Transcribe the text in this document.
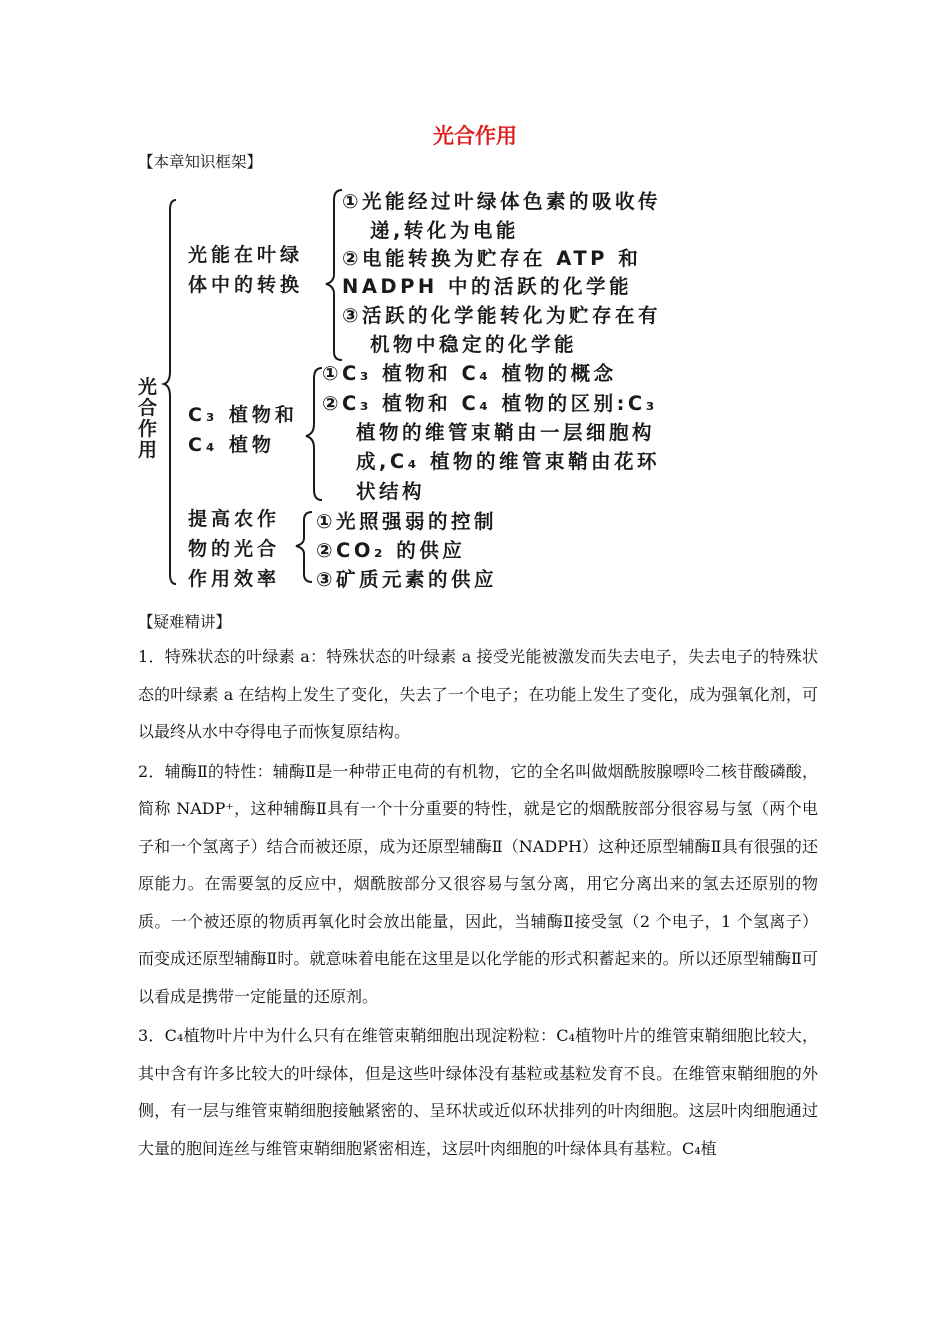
光合作用
【本章知识框架】
光合作用
光能在叶绿
体中的转换
①光能经过叶绿体色素的吸收传
递,转化为电能
②电能转换为贮存在 ATP 和
NADPH 中的活跃的化学能
③活跃的化学能转化为贮存在有
机物中稳定的化学能
C₃ 植物和
C₄ 植物
①C₃ 植物和 C₄ 植物的概念
②C₃ 植物和 C₄ 植物的区别:C₃
植物的维管束鞘由一层细胞构
成,C₄ 植物的维管束鞘由花环
状结构
提高农作
物的光合
作用效率
①光照强弱的控制
②CO₂ 的供应
③矿质元素的供应
【疑难精讲】

1．特殊状态的叶绿素 a：特殊状态的叶绿素 a 接受光能被激发而失去电子，失去电子的特殊状态的叶绿素 a 在结构上发生了变化，失去了一个电子；在功能上发生了变化，成为强氧化剂，可以最终从水中夺得电子而恢复原结构。

2．辅酶Ⅱ的特性：辅酶Ⅱ是一种带正电荷的有机物，它的全名叫做烟酰胺腺嘌呤二核苷酸磷酸，简称 NADP⁺，这种辅酶Ⅱ具有一个十分重要的特性，就是它的烟酰胺部分很容易与氢（两个电子和一个氢离子）结合而被还原，成为还原型辅酶Ⅱ（NADPH）这种还原型辅酶Ⅱ具有很强的还原能力。在需要氢的反应中，烟酰胺部分又很容易与氢分离，用它分离出来的氢去还原别的物质。一个被还原的物质再氧化时会放出能量，因此，当辅酶Ⅱ接受氢（2 个电子，1 个氢离子）而变成还原型辅酶Ⅱ时。就意味着电能在这里是以化学能的形式积蓄起来的。所以还原型辅酶Ⅱ可以看成是携带一定能量的还原剂。

3．C₄植物叶片中为什么只有在维管束鞘细胞出现淀粉粒：C₄植物叶片的维管束鞘细胞比较大，其中含有许多比较大的叶绿体，但是这些叶绿体没有基粒或基粒发育不良。在维管束鞘细胞的外侧，有一层与维管束鞘细胞接触紧密的、呈环状或近似环状排列的叶肉细胞。这层叶肉细胞通过大量的胞间连丝与维管束鞘细胞紧密相连，这层叶肉细胞的叶绿体具有基粒。C₄植
